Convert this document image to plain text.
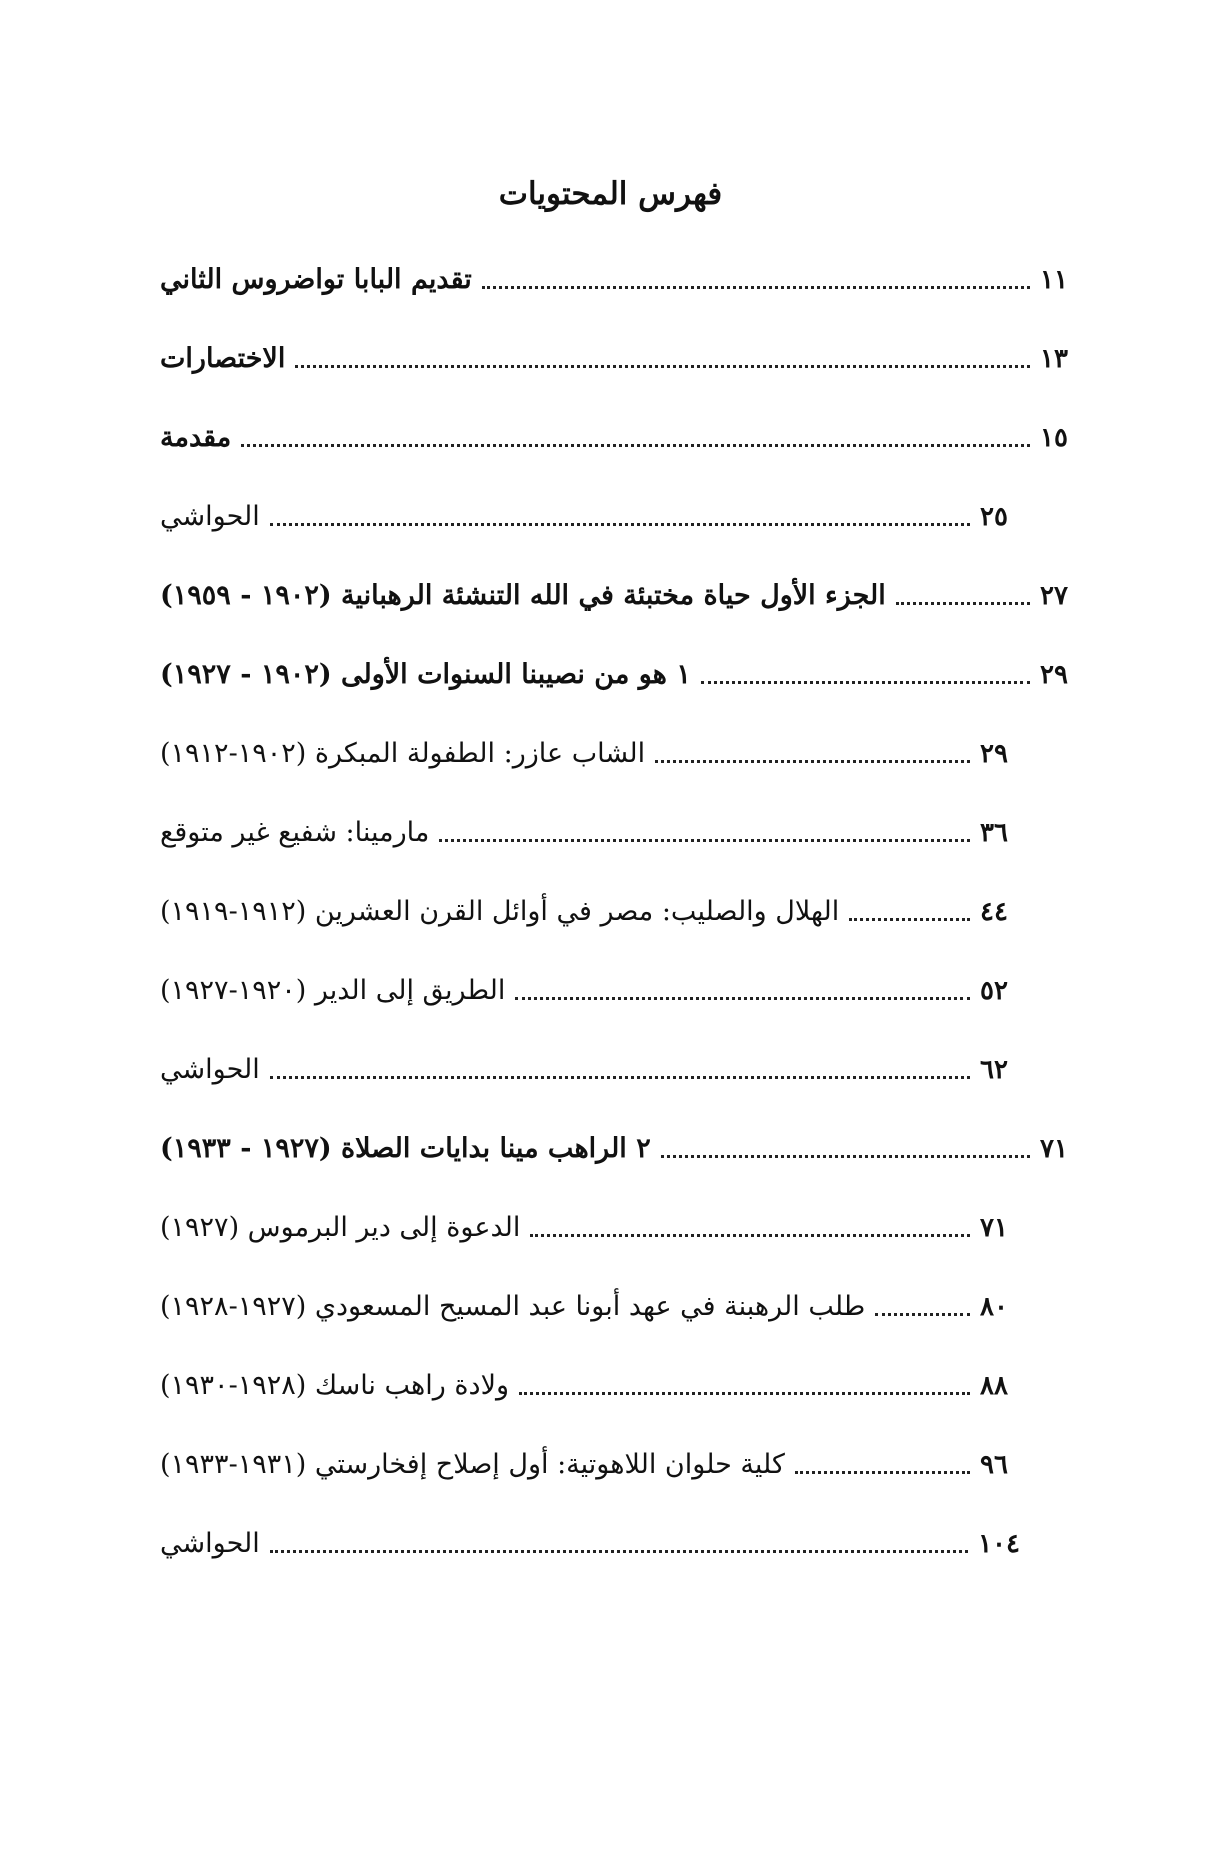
فهرس المحتويات
تقديم البابا تواضروس الثاني	١١
الاختصارات	١٣
مقدمة	١٥
الحواشي	٢٥
الجزء الأول حياة مختبئة في الله التنشئة الرهبانية (١٩٠٢ - ١٩٥٩)	٢٧
١ هو من نصيبنا السنوات الأولى (١٩٠٢ - ١٩٢٧)	٢٩
الشاب عازر: الطفولة المبكرة (١٩٠٢-١٩١٢)	٢٩
مارمينا: شفيع غير متوقع	٣٦
الهلال والصليب: مصر في أوائل القرن العشرين (١٩١٢-١٩١٩)	٤٤
الطريق إلى الدير (١٩٢٠-١٩٢٧)	٥٢
الحواشي	٦٢
٢ الراهب مينا بدايات الصلاة (١٩٢٧ - ١٩٣٣)	٧١
الدعوة إلى دير البرموس (١٩٢٧)	٧١
طلب الرهبنة في عهد أبونا عبد المسيح المسعودي (١٩٢٧-١٩٢٨)	٨٠
ولادة راهب ناسك (١٩٢٨-١٩٣٠)	٨٨
كلية حلوان اللاهوتية: أول إصلاح إفخارستي (١٩٣١-١٩٣٣)	٩٦
الحواشي	١٠٤
